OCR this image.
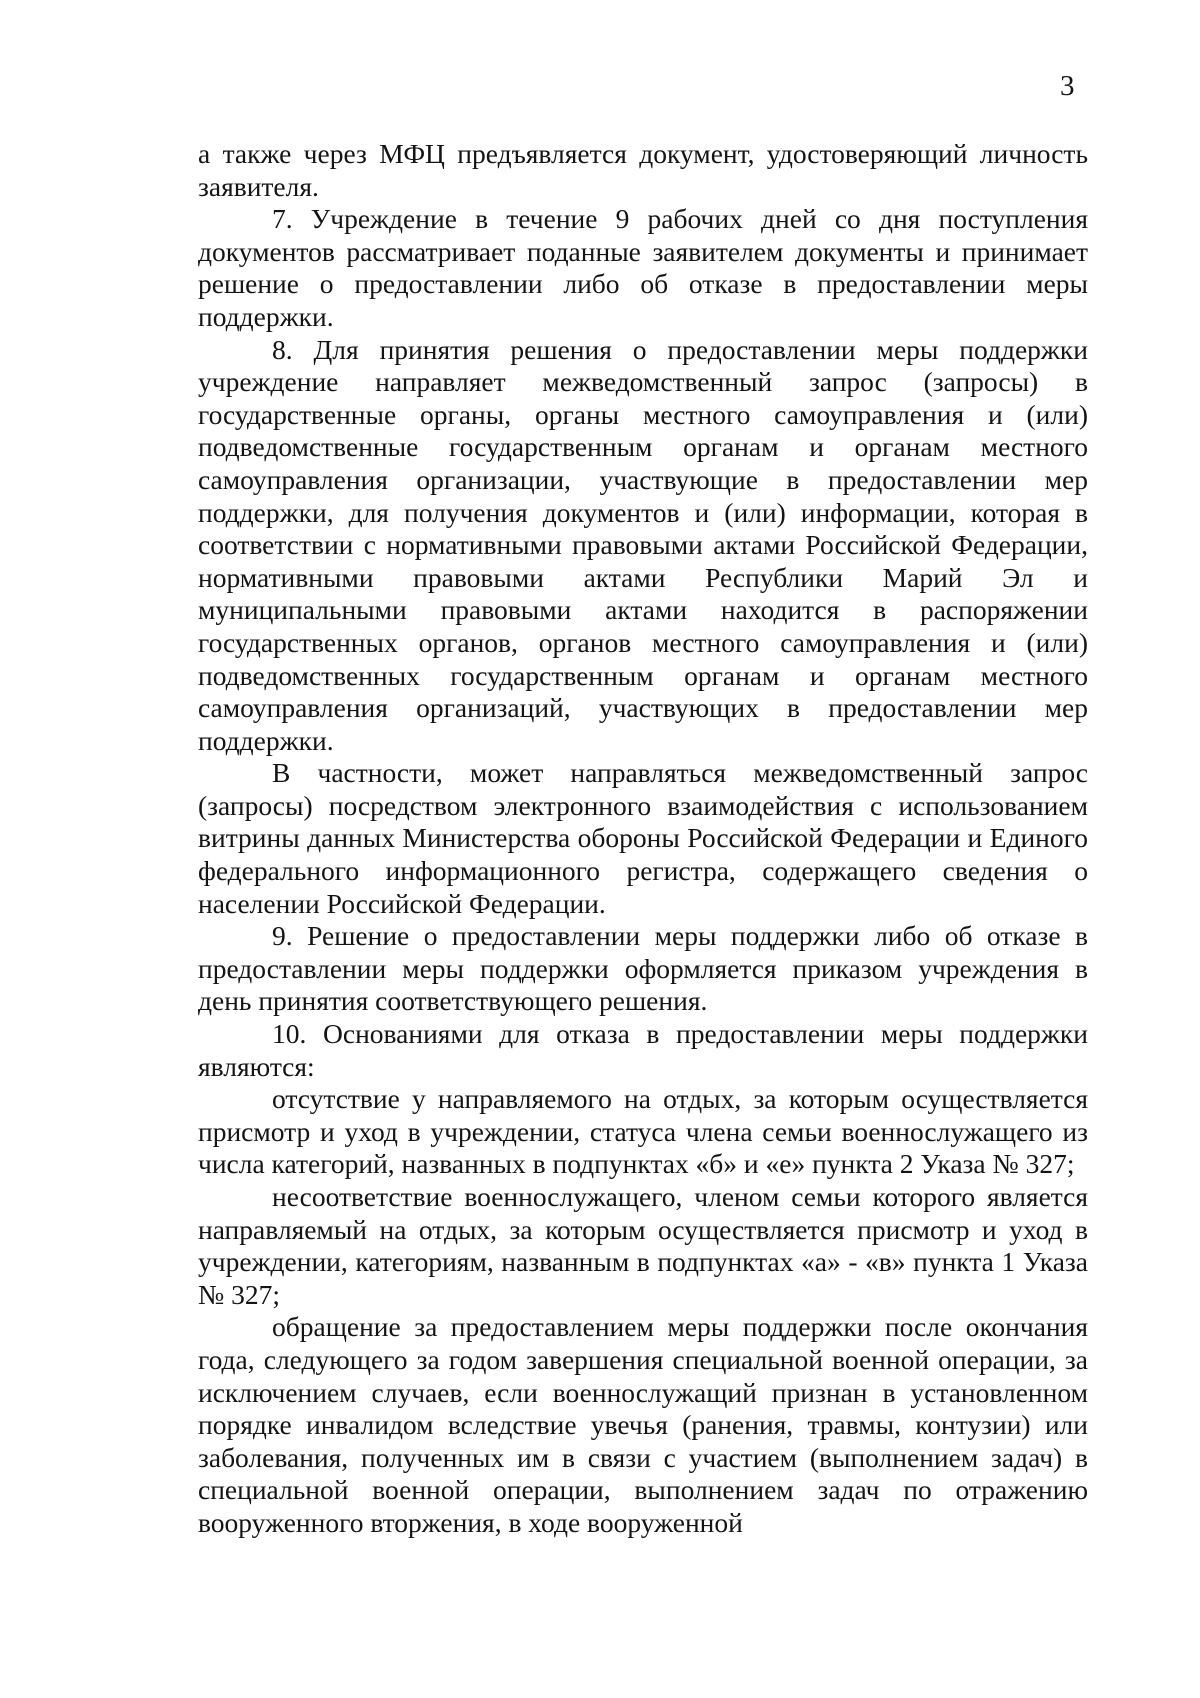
3

а также через МФЦ предъявляется документ, удостоверяющий личность заявителя.

7. Учреждение в течение 9 рабочих дней со дня поступления документов рассматривает поданные заявителем документы и принимает решение о предоставлении либо об отказе в предоставлении меры поддержки.

8. Для принятия решения о предоставлении меры поддержки учреждение направляет межведомственный запрос (запросы) в государственные органы, органы местного самоуправления и (или) подведомственные государственным органам и органам местного самоуправления организации, участвующие в предоставлении мер поддержки, для получения документов и (или) информации, которая в соответствии с нормативными правовыми актами Российской Федерации, нормативными правовыми актами Республики Марий Эл и муниципальными правовыми актами находится в распоряжении государственных органов, органов местного самоуправления и (или) подведомственных государственным органам и органам местного самоуправления организаций, участвующих в предоставлении мер поддержки.

В частности, может направляться межведомственный запрос (запросы) посредством электронного взаимодействия с использованием витрины данных Министерства обороны Российской Федерации и Единого федерального информационного регистра, содержащего сведения о населении Российской Федерации.

9. Решение о предоставлении меры поддержки либо об отказе в предоставлении меры поддержки оформляется приказом учреждения в день принятия соответствующего решения.

10. Основаниями для отказа в предоставлении меры поддержки являются:

отсутствие у направляемого на отдых, за которым осуществляется присмотр и уход в учреждении, статуса члена семьи военнослужащего из числа категорий, названных в подпунктах «б» и «е» пункта 2 Указа № 327;

несоответствие военнослужащего, членом семьи которого является направляемый на отдых, за которым осуществляется присмотр и уход в учреждении, категориям, названным в подпунктах «а» - «в» пункта 1 Указа № 327;

обращение за предоставлением меры поддержки после окончания года, следующего за годом завершения специальной военной операции, за исключением случаев, если военнослужащий признан в установленном порядке инвалидом вследствие увечья (ранения, травмы, контузии) или заболевания, полученных им в связи с участием (выполнением задач) в специальной военной операции, выполнением задач по отражению вооруженного вторжения, в ходе вооруженной
